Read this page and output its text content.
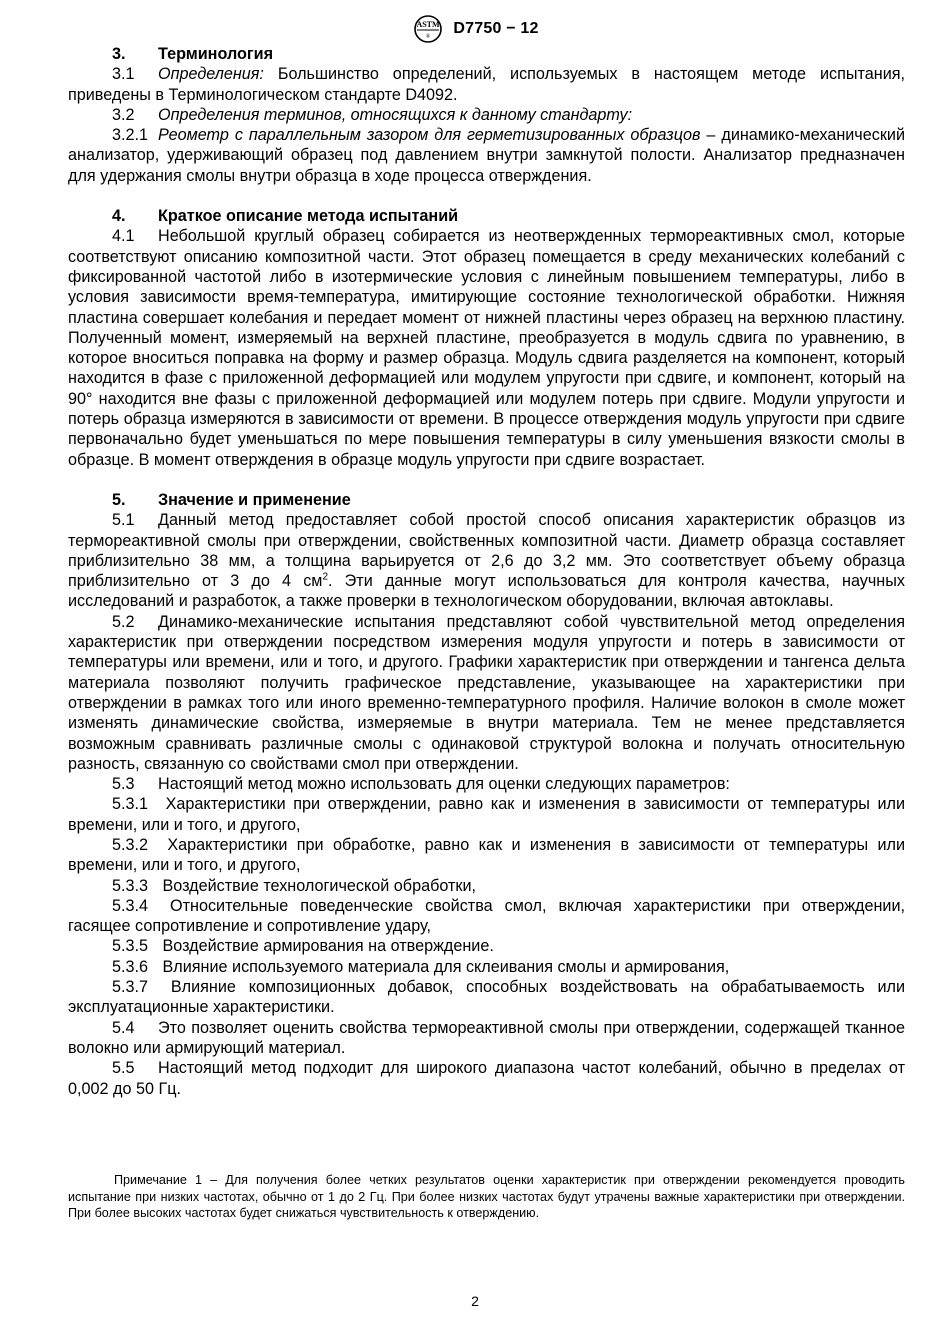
ASTM
® D7750 − 12

3. Терминология

3.1 Определения: Большинство определений, используемых в настоящем методе испытания, приведены в Терминологическом стандарте D4092.

3.2 Определения терминов, относящихся к данному стандарту:

3.2.1 Реометр с параллельным зазором для герметизированных образцов – динамико-механический анализатор, удерживающий образец под давлением внутри замкнутой полости. Анализатор предназначен для удержания смолы внутри образца в ходе процесса отверждения.

4. Краткое описание метода испытаний

4.1 Небольшой круглый образец собирается из неотвержденных термореактивных смол, которые соответствуют описанию композитной части. Этот образец помещается в среду механических колебаний с фиксированной частотой либо в изотермические условия с линейным повышением температуры, либо в условия зависимости время-температура, имитирующие состояние технологической обработки. Нижняя пластина совершает колебания и передает момент от нижней пластины через образец на верхнюю пластину. Полученный момент, измеряемый на верхней пластине, преобразуется в модуль сдвига по уравнению, в которое вноситься поправка на форму и размер образца. Модуль сдвига разделяется на компонент, который находится в фазе с приложенной деформацией или модулем упругости при сдвиге, и компонент, который на 90° находится вне фазы с приложенной деформацией или модулем потерь при сдвиге. Модули упругости и потерь образца измеряются в зависимости от времени. В процессе отверждения модуль упругости при сдвиге первоначально будет уменьшаться по мере повышения температуры в силу уменьшения вязкости смолы в образце. В момент отверждения в образце модуль упругости при сдвиге возрастает.

5. Значение и применение

5.1 Данный метод предоставляет собой простой способ описания характеристик образцов из термореактивной смолы при отверждении, свойственных композитной части. Диаметр образца составляет приблизительно 38 мм, а толщина варьируется от 2,6 до 3,2 мм. Это соответствует объему образца приблизительно от 3 до 4 $см^2$. Эти данные могут использоваться для контроля качества, научных исследований и разработок, а также проверки в технологическом оборудовании, включая автоклавы.

5.2 Динамико-механические испытания представляют собой чувствительной метод определения характеристик при отверждении посредством измерения модуля упругости и потерь в зависимости от температуры или времени, или и того, и другого. Графики характеристик при отверждении и тангенса дельта материала позволяют получить графическое представление, указывающее на характеристики при отверждении в рамках того или иного временно-температурного профиля. Наличие волокон в смоле может изменять динамические свойства, измеряемые в внутри материала. Тем не менее представляется возможным сравнивать различные смолы с одинаковой структурой волокна и получать относительную разность, связанную со свойствами смол при отверждении.

5.3 Настоящий метод можно использовать для оценки следующих параметров:

5.3.1 Характеристики при отверждении, равно как и изменения в зависимости от температуры или времени, или и того, и другого,

5.3.2 Характеристики при обработке, равно как и изменения в зависимости от температуры или времени, или и того, и другого,

5.3.3 Воздействие технологической обработки,

5.3.4 Относительные поведенческие свойства смол, включая характеристики при отверждении, гасящее сопротивление и сопротивление удару,

5.3.5 Воздействие армирования на отверждение.

5.3.6 Влияние используемого материала для склеивания смолы и армирования,

5.3.7 Влияние композиционных добавок, способных воздействовать на обрабатываемость или эксплуатационные характеристики.

5.4 Это позволяет оценить свойства термореактивной смолы при отверждении, содержащей тканное волокно или армирующий материал.

5.5 Настоящий метод подходит для широкого диапазона частот колебаний, обычно в пределах от 0,002 до 50 Гц.

Примечание 1 – Для получения более четких результатов оценки характеристик при отверждении рекомендуется проводить испытание при низких частотах, обычно от 1 до 2 Гц. При более низких частотах будут утрачены важные характеристики при отверждении. При более высоких частотах будет снижаться чувствительность к отверждению.

2
